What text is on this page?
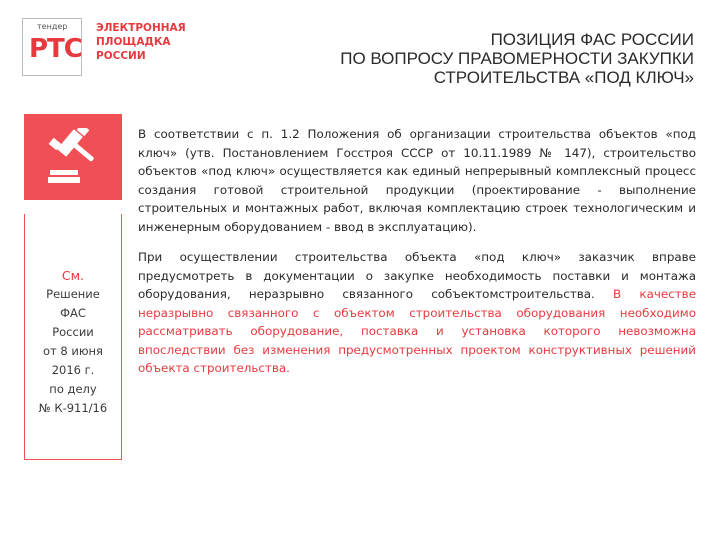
тендер
РТС
ЭЛЕКТРОННАЯ
ПЛОЩАДКА
РОССИИ
ПОЗИЦИЯ ФАС РОССИИ
ПО ВОПРОСУ ПРАВОМЕРНОСТИ ЗАКУПКИ
СТРОИТЕЛЬСТВА «ПОД КЛЮЧ»
См.
Решение
ФАС
России
от 8 июня
2016 г.
по делу
№ К-911/16

В соответствии с п. 1.2 Положения об организации строительства объектов «под ключ» (утв. Постановлением Госстроя СССР от 10.11.1989 № 147), строительство объектов «под ключ» осуществляется как единый непрерывный комплексный процесс создания готовой строительной продукции (проектирование - выполнение строительных и монтажных работ, включая комплектацию строек технологическим и инженерным оборудованием - ввод в эксплуатацию).

При осуществлении строительства объекта «под ключ» заказчик вправе предусмотреть в документации о закупке необходимость поставки и монтажа оборудования, неразрывно связанного собъектомстроительства. В качестве неразрывно связанного с объектом строительства оборудования необходимо рассматривать оборудование, поставка и установка которого невозможна впоследствии без изменения предусмотренных проектом конструктивных решений объекта строительства.
